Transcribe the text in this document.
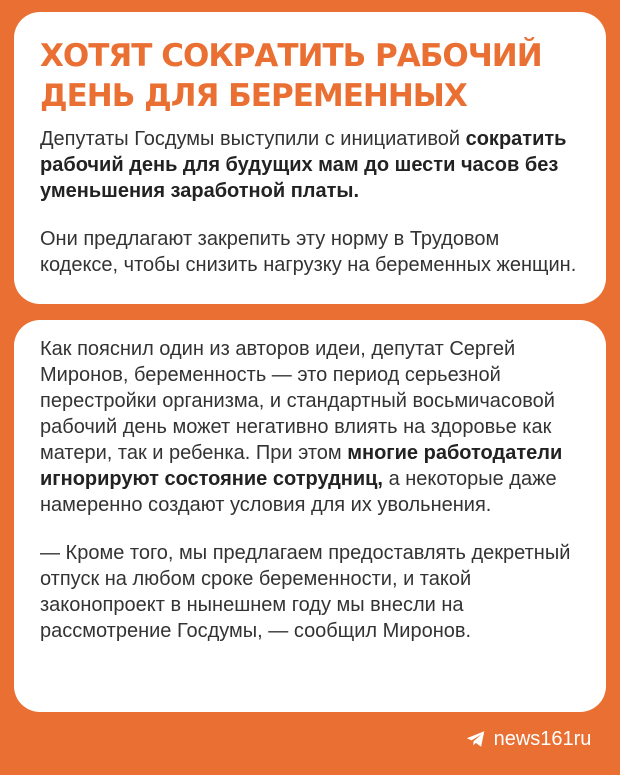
ХОТЯТ СОКРАТИТЬ РАБОЧИЙ ДЕНЬ ДЛЯ БЕРЕМЕННЫХ

Депутаты Госдумы выступили с инициативой сократить рабочий день для будущих мам до шести часов без уменьшения заработной платы.

Они предлагают закрепить эту норму в Трудовом кодексе, чтобы снизить нагрузку на беременных женщин.

Как пояснил один из авторов идеи, депутат Сергей Миронов, беременность — это период серьезной перестройки организма, и стандартный восьмичасовой рабочий день может негативно влиять на здоровье как матери, так и ребенка. При этом многие работодатели игнорируют состояние сотрудниц, а некоторые даже намеренно создают условия для их увольнения.

— Кроме того, мы предлагаем предоставлять декретный отпуск на любом сроке беременности, и такой законопроект в нынешнем году мы внесли на рассмотрение Госдумы, — сообщил Миронов.

news161ru
